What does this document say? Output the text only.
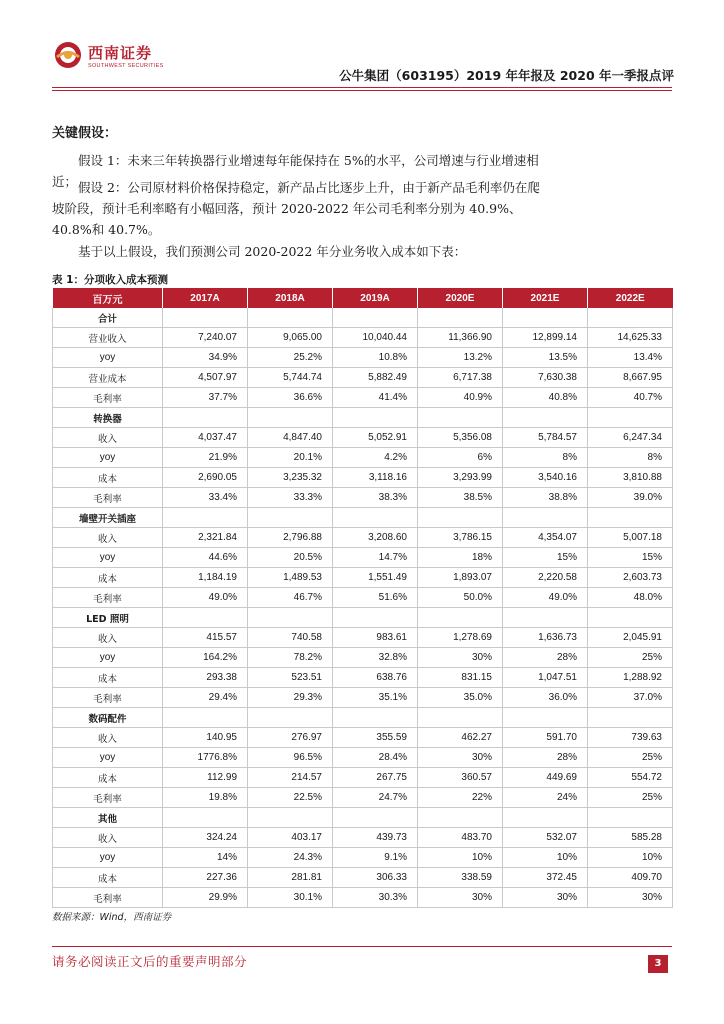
西南证券
SOUTHWEST SECURITIES
公牛集团（603195）2019 年年报及 2020 年一季报点评
关键假设：
假设 1：未来三年转换器行业增速每年能保持在 5%的水平，公司增速与行业增速相近； 假设 2：公司原材料价格保持稳定，新产品占比逐步上升，由于新产品毛利率仍在爬坡阶段，预计毛利率略有小幅回落，预计 2020-2022 年公司毛利率分别为 40.9%、40.8%和 40.7%。
基于以上假设，我们预测公司 2020-2022 年分业务收入成本如下表：
表 1：分项收入成本预测
百万元	2017A	2018A	2019A	2020E	2021E	2022E
合计						
营业收入	7,240.07	9,065.00	10,040.44	11,366.90	12,899.14	14,625.33
yoy	34.9%	25.2%	10.8%	13.2%	13.5%	13.4%
营业成本	4,507.97	5,744.74	5,882.49	6,717.38	7,630.38	8,667.95
毛利率	37.7%	36.6%	41.4%	40.9%	40.8%	40.7%
转换器						
收入	4,037.47	4,847.40	5,052.91	5,356.08	5,784.57	6,247.34
yoy	21.9%	20.1%	4.2%	6%	8%	8%
成本	2,690.05	3,235.32	3,118.16	3,293.99	3,540.16	3,810.88
毛利率	33.4%	33.3%	38.3%	38.5%	38.8%	39.0%
墙壁开关插座						
收入	2,321.84	2,796.88	3,208.60	3,786.15	4,354.07	5,007.18
yoy	44.6%	20.5%	14.7%	18%	15%	15%
成本	1,184.19	1,489.53	1,551.49	1,893.07	2,220.58	2,603.73
毛利率	49.0%	46.7%	51.6%	50.0%	49.0%	48.0%
LED 照明						
收入	415.57	740.58	983.61	1,278.69	1,636.73	2,045.91
yoy	164.2%	78.2%	32.8%	30%	28%	25%
成本	293.38	523.51	638.76	831.15	1,047.51	1,288.92
毛利率	29.4%	29.3%	35.1%	35.0%	36.0%	37.0%
数码配件						
收入	140.95	276.97	355.59	462.27	591.70	739.63
yoy	1776.8%	96.5%	28.4%	30%	28%	25%
成本	112.99	214.57	267.75	360.57	449.69	554.72
毛利率	19.8%	22.5%	24.7%	22%	24%	25%
其他						
收入	324.24	403.17	439.73	483.70	532.07	585.28
yoy	14%	24.3%	9.1%	10%	10%	10%
成本	227.36	281.81	306.33	338.59	372.45	409.70
毛利率	29.9%	30.1%	30.3%	30%	30%	30%
数据来源：Wind，西南证券
请务必阅读正文后的重要声明部分	3
